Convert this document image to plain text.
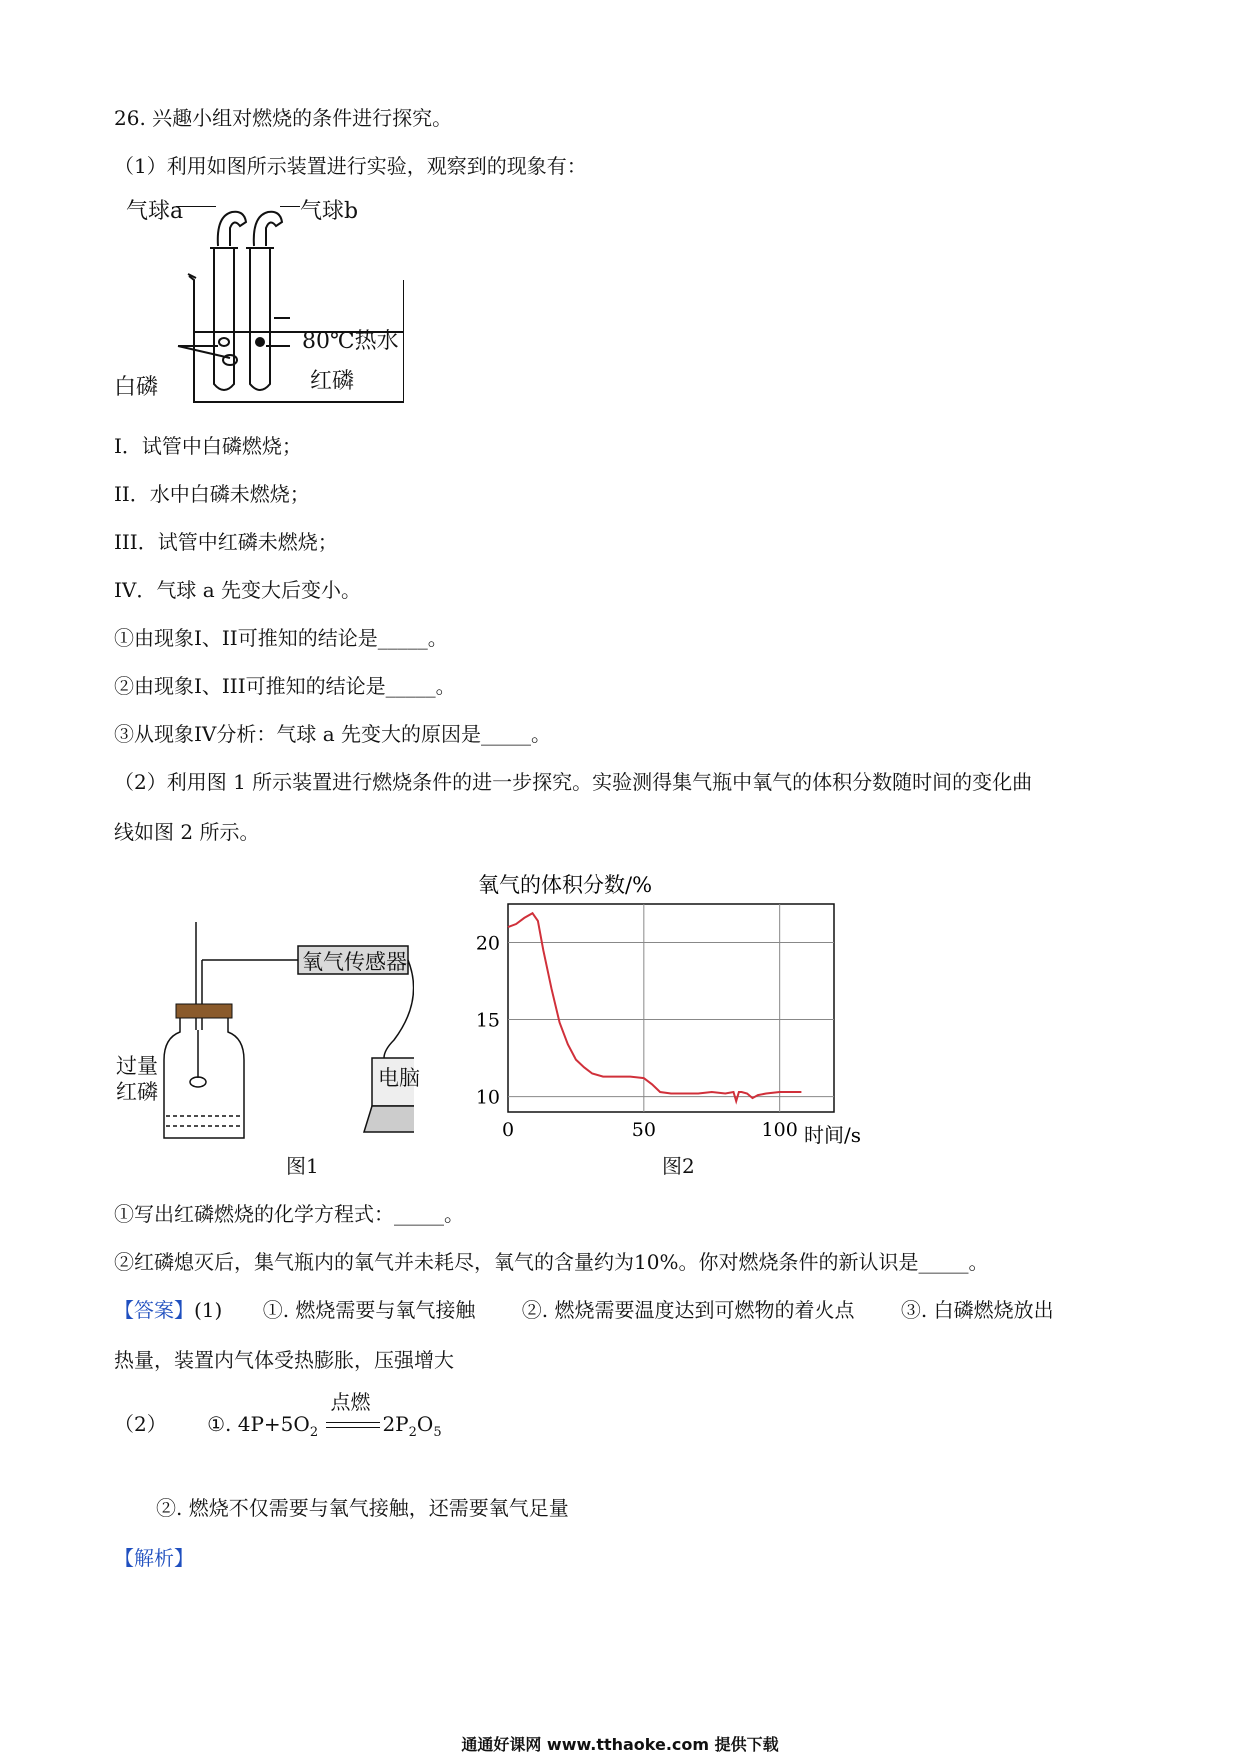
26. 兴趣小组对燃烧的条件进行探究。
（1）利用如图所示装置进行实验，观察到的现象有：
气球a	气球b
80℃热水
白磷	红磷
I．试管中白磷燃烧；
II．水中白磷未燃烧；
III．试管中红磷未燃烧；
IV．气球 a 先变大后变小。
①由现象I、II可推知的结论是_____。
②由现象I、III可推知的结论是_____。
③从现象IV分析：气球 a 先变大的原因是_____。
（2）利用图 1 所示装置进行燃烧条件的进一步探究。实验测得集气瓶中氧气的体积分数随时间的变化曲
线如图 2 所示。
氧气传感器
电脑
过量
红磷
图1
氧气的体积分数/%
0	50	100
10
15
20
时间/s
图2
①写出红磷燃烧的化学方程式：_____。
②红磷熄灭后，集气瓶内的氧气并未耗尽，氧气的含量约为10%。你对燃烧条件的新认识是_____。
【答案】(1) ①. 燃烧需要与氧气接触 ②. 燃烧需要温度达到可燃物的着火点 ③. 白磷燃烧放出
热量，装置内气体受热膨胀，压强增大
（2） ①. $4P+5O_2$
点燃
$2P_2O_5$
②. 燃烧不仅需要与氧气接触，还需要氧气足量
【解析】
通通好课网 www.tthaoke.com 提供下载
